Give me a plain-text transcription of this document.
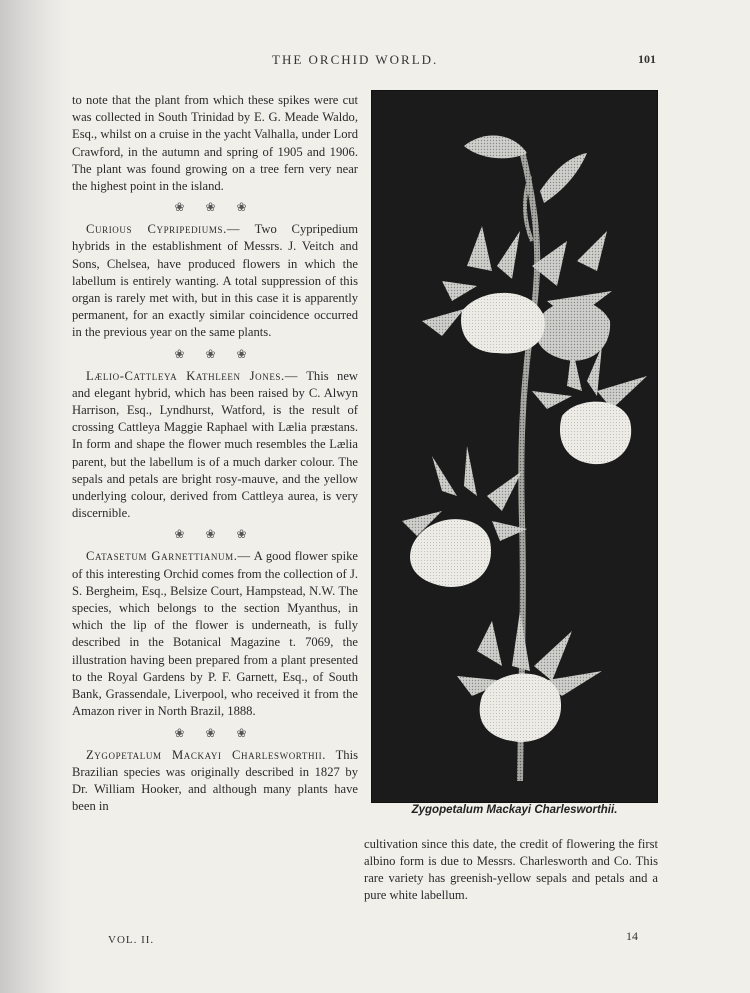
THE ORCHID WORLD.	101

to note that the plant from which these spikes were cut was collected in South Trinidad by E. G. Meade Waldo, Esq., whilst on a cruise in the yacht Valhalla, under Lord Crawford, in the autumn and spring of 1905 and 1906. The plant was found growing on a tree fern very near the highest point in the island.

❀ ❀ ❀

Curious Cypripediums.— Two Cypripedium hybrids in the establishment of Messrs. J. Veitch and Sons, Chelsea, have produced flowers in which the labellum is entirely wanting. A total suppression of this organ is rarely met with, but in this case it is apparently permanent, for an exactly similar coincidence occurred in the previous year on the same plants.

❀ ❀ ❀

Lælio-Cattleya Kathleen Jones.— This new and elegant hybrid, which has been raised by C. Alwyn Harrison, Esq., Lyndhurst, Watford, is the result of crossing Cattleya Maggie Raphael with Lælia præstans. In form and shape the flower much resembles the Lælia parent, but the labellum is of a much darker colour. The sepals and petals are bright rosy-mauve, and the yellow underlying colour, derived from Cattleya aurea, is very discernible.

❀ ❀ ❀

Catasetum Garnettianum.— A good flower spike of this interesting Orchid comes from the collection of J. S. Bergheim, Esq., Belsize Court, Hampstead, N.W. The species, which belongs to the section Myanthus, in which the lip of the flower is underneath, is fully described in the Botanical Magazine t. 7069, the illustration having been prepared from a plant presented to the Royal Gardens by P. F. Garnett, Esq., of South Bank, Grassendale, Liverpool, who received it from the Amazon river in North Brazil, 1888.

❀ ❀ ❀

Zygopetalum Mackayi Charlesworthii. This Brazilian species was originally described in 1827 by Dr. William Hooker, and although many plants have been in	Zygopetalum Mackayi Charlesworthii.

cultivation since this date, the credit of flowering the first albino form is due to Messrs. Charlesworth and Co. This rare variety has greenish-yellow sepals and petals and a pure white labellum.

VOL. II.	14
